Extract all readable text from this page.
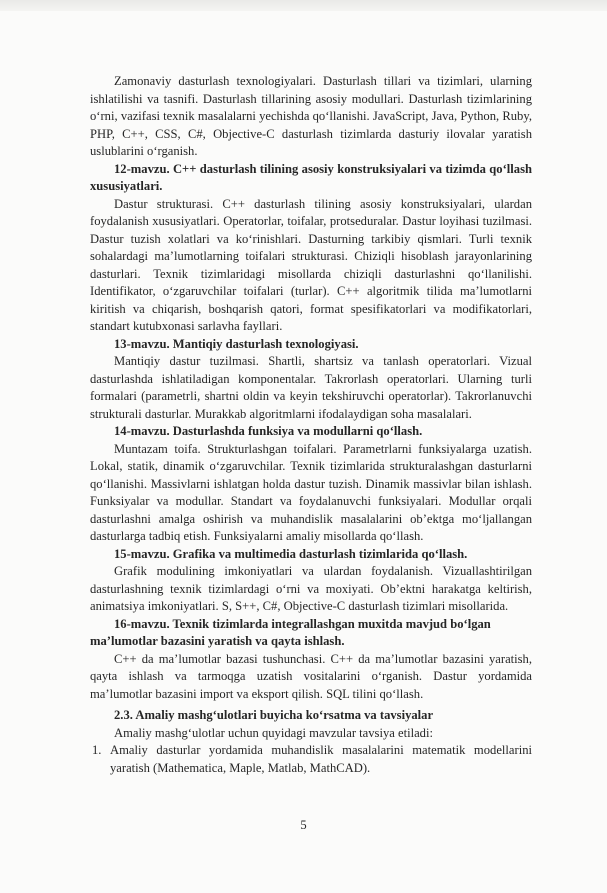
Zamonaviy dasturlash texnologiyalari. Dasturlash tillari va tizimlari, ularning ishlatilishi va tasnifi. Dasturlash tillarining asosiy modullari. Dasturlash tizimlarining o‘rni, vazifasi texnik masalalarni yechishda qo‘llanishi. JavaScript, Java, Python, Ruby, PHP, C++, CSS, C#, Objective-C dasturlash tizimlarda dasturiy ilovalar yaratish uslublarini o‘rganish.

12-mavzu. C++ dasturlash tilining asosiy konstruksiyalari va tizimda qo‘llash xususiyatlari.

Dastur strukturasi. C++ dasturlash tilining asosiy konstruksiyalari, ulardan foydalanish xususiyatlari. Operatorlar, toifalar, protseduralar. Dastur loyihasi tuzilmasi. Dastur tuzish xolatlari va ko‘rinishlari. Dasturning tarkibiy qismlari. Turli texnik sohalardagi ma’lumotlarning toifalari strukturasi. Chiziqli hisoblash jarayonlarining dasturlari. Texnik tizimlaridagi misollarda chiziqli dasturlashni qo‘llanilishi. Identifikator, o‘zgaruvchilar toifalari (turlar). C++ algoritmik tilida ma’lumotlarni kiritish va chiqarish, boshqarish qatori, format spesifikatorlari va modifikatorlari, standart kutubxonasi sarlavha fayllari.

13-mavzu. Mantiqiy dasturlash texnologiyasi.

Mantiqiy dastur tuzilmasi. Shartli, shartsiz va tanlash operatorlari. Vizual dasturlashda ishlatiladigan komponentalar. Takrorlash operatorlari. Ularning turli formalari (parametrli, shartni oldin va keyin tekshiruvchi operatorlar). Takrorlanuvchi strukturali dasturlar. Murakkab algoritmlarni ifodalaydigan soha masalalari.

14-mavzu. Dasturlashda funksiya va modullarni qo‘llash.

Muntazam toifa. Strukturlashgan toifalari. Parametrlarni funksiyalarga uzatish. Lokal, statik, dinamik o‘zgaruvchilar. Texnik tizimlarida strukturalashgan dasturlarni qo‘llanishi. Massivlarni ishlatgan holda dastur tuzish. Dinamik massivlar bilan ishlash. Funksiyalar va modullar. Standart va foydalanuvchi funksiyalari. Modullar orqali dasturlashni amalga oshirish va muhandislik masalalarini ob’ektga mo‘ljallangan dasturlarga tadbiq etish. Funksiyalarni amaliy misollarda qo‘llash.

15-mavzu. Grafika va multimedia dasturlash tizimlarida qo‘llash.

Grafik modulining imkoniyatlari va ulardan foydalanish. Vizuallashtirilgan dasturlashning texnik tizimlardagi o‘rni va moxiyati. Ob’ektni harakatga keltirish, animatsiya imkoniyatlari. S, S++, C#, Objective-C dasturlash tizimlari misollarida.

16-mavzu. Texnik tizimlarda integrallashgan muxitda mavjud bo‘lgan
ma’lumotlar bazasini yaratish va qayta ishlash.

C++ da ma’lumotlar bazasi tushunchasi. C++ da ma’lumotlar bazasini yaratish, qayta ishlash va tarmoqga uzatish vositalarini o‘rganish. Dastur yordamida ma’lumotlar bazasini import va eksport qilish. SQL tilini qo‘llash.

2.3. Amaliy mashg‘ulotlari buyicha ko‘rsatma va tavsiyalar

Amaliy mashg‘ulotlar uchun quyidagi mavzular tavsiya etiladi:

1. Amaliy dasturlar yordamida muhandislik masalalarini matematik modellarini yaratish (Mathematica, Maple, Matlab, MathCAD).
5
